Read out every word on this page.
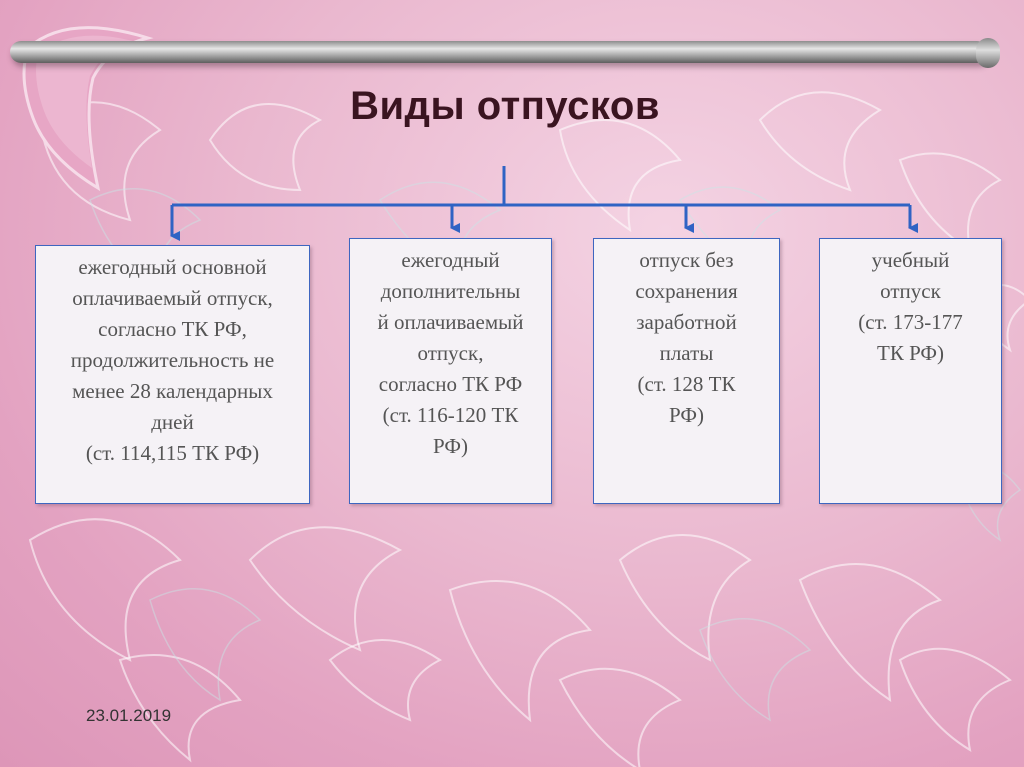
Виды отпусков
ежегодный основной
оплачиваемый отпуск,
согласно ТК РФ,
продолжительность не
менее 28 календарных
дней
(ст. 114,115 ТК РФ)
ежегодный
дополнительны
й оплачиваемый
отпуск,
согласно ТК РФ
(ст. 116-120 ТК
РФ)
отпуск без
сохранения
заработной
платы
(ст. 128 ТК
РФ)
учебный
отпуск
(ст. 173-177
ТК РФ)
23.01.2019
